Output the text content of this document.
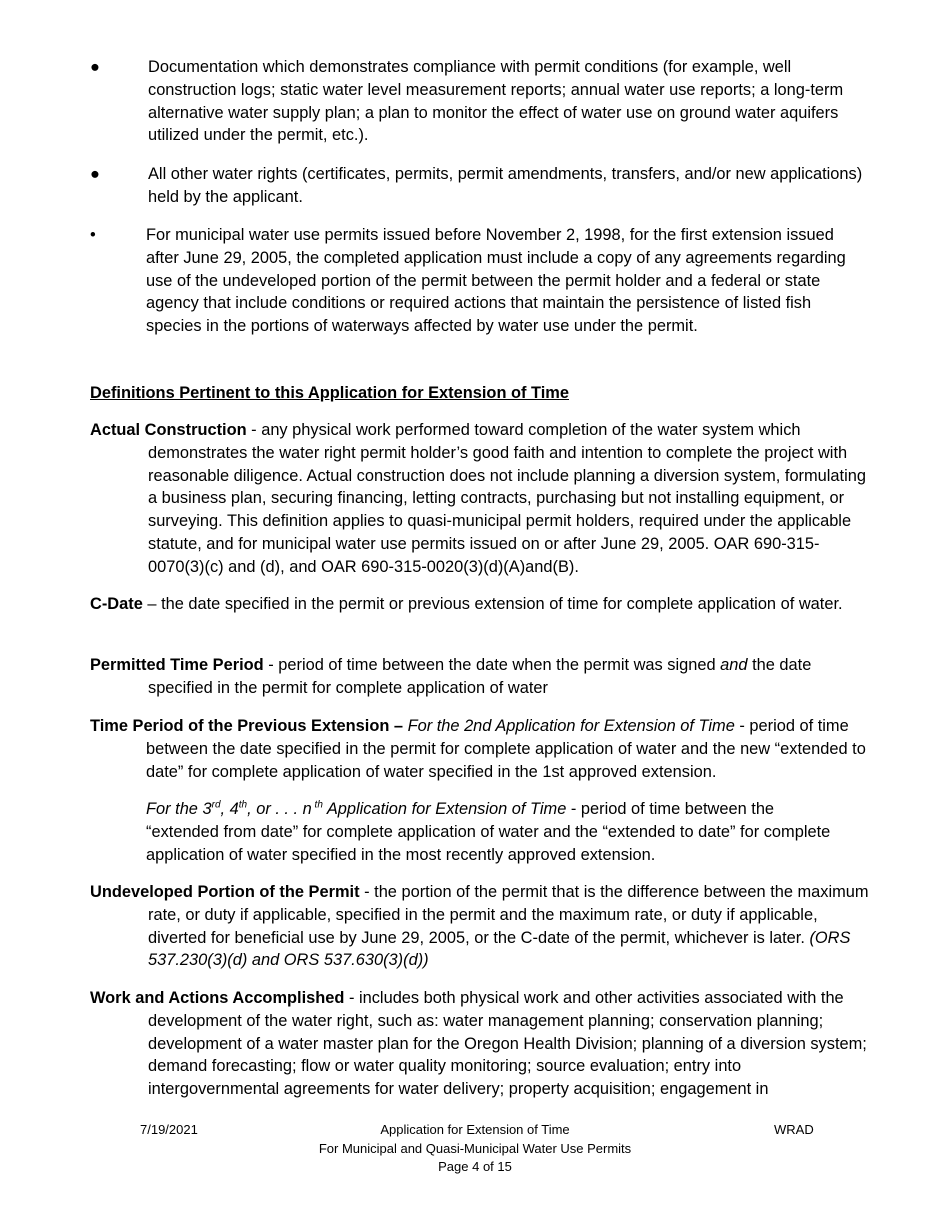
●	Documentation which demonstrates compliance with permit conditions (for example, well construction logs; static water level measurement reports; annual water use reports; a long-term alternative water supply plan; a plan to monitor the effect of water use on ground water aquifers utilized under the permit, etc.).
●	All other water rights (certificates, permits, permit amendments, transfers, and/or new applications) held by the applicant.
•	For municipal water use permits issued before November 2, 1998, for the first extension issued after June 29, 2005, the completed application must include a copy of any agreements regarding use of the undeveloped portion of the permit between the permit holder and a federal or state agency that include conditions or required actions that maintain the persistence of listed fish species in the portions of waterways affected by water use under the permit.
Definitions Pertinent to this Application for Extension of Time
Actual Construction - any physical work performed toward completion of the water system which demonstrates the water right permit holder’s good faith and intention to complete the project with reasonable diligence. Actual construction does not include planning a diversion system, formulating a business plan, securing financing, letting contracts, purchasing but not installing equipment, or surveying. This definition applies to quasi-municipal permit holders, required under the applicable statute, and for municipal water use permits issued on or after June 29, 2005. OAR 690-315-0070(3)(c) and (d), and OAR 690-315-0020(3)(d)(A)and(B).
C-Date – the date specified in the permit or previous extension of time for complete application of water.
Permitted Time Period - period of time between the date when the permit was signed and the date specified in the permit for complete application of water
Time Period of the Previous Extension – For the 2nd Application for Extension of Time - period of time between the date specified in the permit for complete application of water and the new “extended to date” for complete application of water specified in the 1st approved extension.
For the 3rd, 4th, or . . . n $^{th}$ Application for Extension of Time - period of time between the “extended from date” for complete application of water and the “extended to date” for complete application of water specified in the most recently approved extension.
Undeveloped Portion of the Permit - the portion of the permit that is the difference between the maximum rate, or duty if applicable, specified in the permit and the maximum rate, or duty if applicable, diverted for beneficial use by June 29, 2005, or the C-date of the permit, whichever is later. (ORS 537.230(3)(d) and ORS 537.630(3)(d))
Work and Actions Accomplished - includes both physical work and other activities associated with the development of the water right, such as: water management planning; conservation planning; development of a water master plan for the Oregon Health Division; planning of a diversion system; demand forecasting; flow or water quality monitoring; source evaluation; entry into intergovernmental agreements for water delivery; property acquisition; engagement in
7/19/2021	Application for Extension of Time
For Municipal and Quasi-Municipal Water Use Permits
Page 4 of 15
WRAD
